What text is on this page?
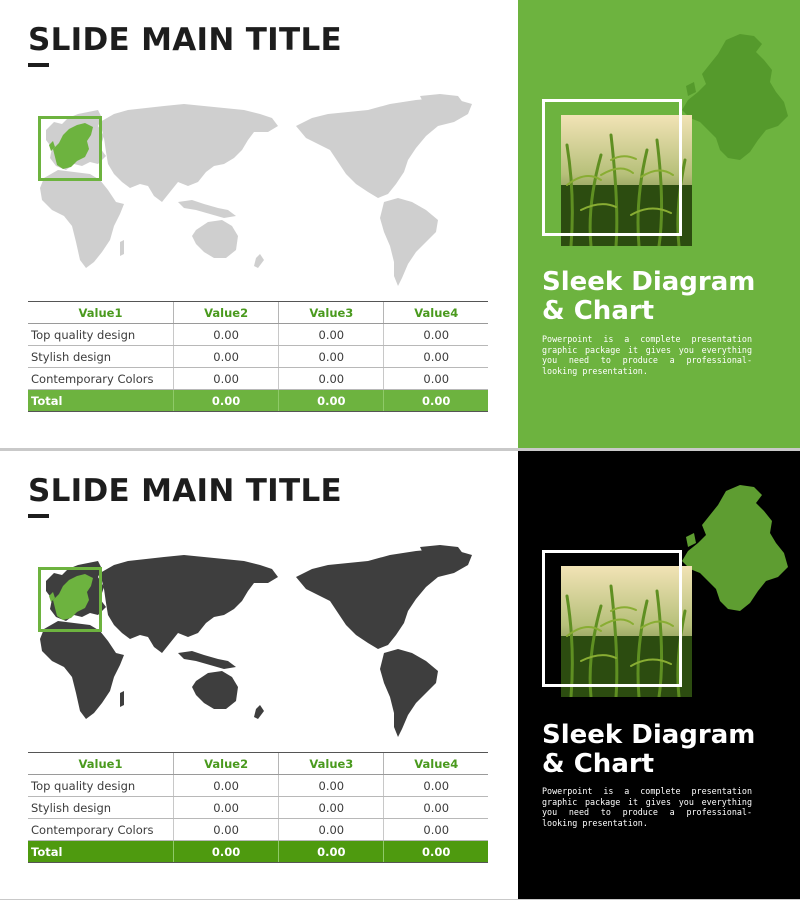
SLIDE MAIN TITLE
Value1	Value2	Value3	Value4
Top quality design	0.00	0.00	0.00
Stylish design	0.00	0.00	0.00
Contemporary Colors	0.00	0.00	0.00
Total	0.00	0.00	0.00
Sleek Diagram
& Chart

Powerpoint is a complete presentation graphic package it gives you everything you need to produce a professional-looking presentation.

SLIDE MAIN TITLE
Value1	Value2	Value3	Value4
Top quality design	0.00	0.00	0.00
Stylish design	0.00	0.00	0.00
Contemporary Colors	0.00	0.00	0.00
Total	0.00	0.00	0.00
Sleek Diagram
& Chart

Powerpoint is a complete presentation graphic package it gives you everything you need to produce a professional-looking presentation.
